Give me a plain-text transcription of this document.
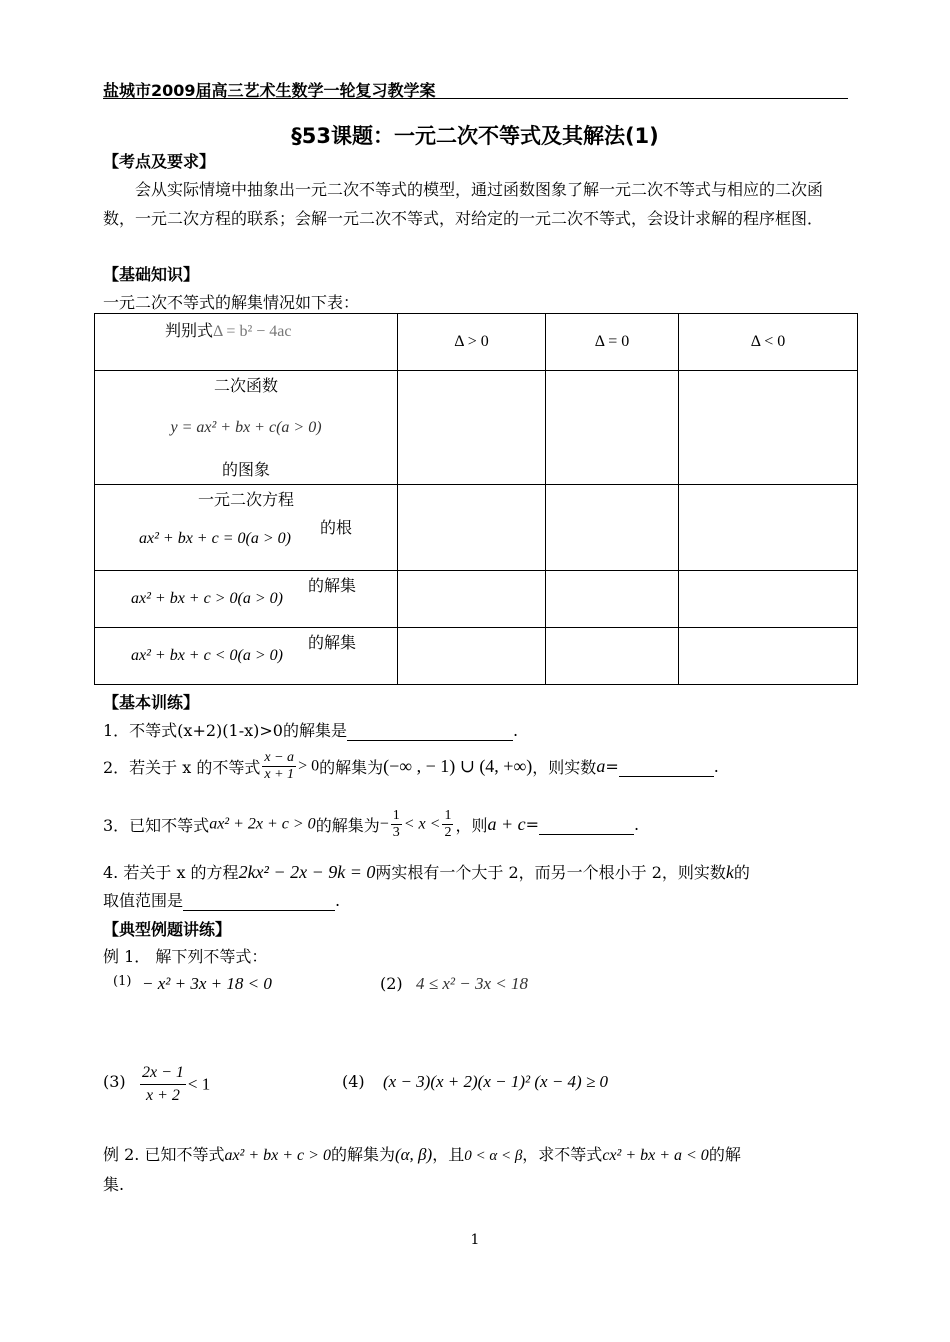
盐城市2009届高三艺术生数学一轮复习教学案
§53课题：一元二次不等式及其解法(1)
【考点及要求】
会从实际情境中抽象出一元二次不等式的模型，通过函数图象了解一元二次不等式与相应的二次函数，一元二次方程的联系；会解一元二次不等式，对给定的一元二次不等式，会设计求解的程序框图．
【基础知识】
一元二次不等式的解集情况如下表：
判别式Δ = b² − 4ac	Δ > 0	Δ = 0	Δ < 0

二次函数
y = ax² + bx + c(a > 0)
的图象			

一元二次方程
ax² + bx + c = 0(a > 0)
的根			

ax² + bx + c > 0(a > 0)
的解集			

ax² + bx + c < 0(a > 0)
的解集			

【基本训练】
1．不等式(x+2)(1-x)>0的解集是	.
2．若关于 x 的不等式 $\frac{x - a}{x + 1} > 0$的解集为(−∞ , − 1) ∪ (4, +∞)，则实数a=	.
3．已知不等式ax² + 2x + c > 0的解集为− $\frac{1}{3} < x < \frac{1}{2}$ ，则a + c=	.
4. 若关于 x 的方程2kx² − 2x − 9k = 0两实根有一个大于 2，而另一个根小于 2，则实数k的
取值范围是	.
【典型例题讲练】
例 1． 解下列不等式：
(1) − x² + 3x + 18 < 0	(2) 4 ≤ x² − 3x < 18
$(3) \frac{2x - 1}{x + 2} < 1$	(4) (x − 3)(x + 2)(x − 1)² (x − 4) ≥ 0
例 2. 已知不等式ax² + bx + c > 0的解集为(α, β)，且0 < α < β，求不等式cx² + bx + a < 0的解
集.
1
